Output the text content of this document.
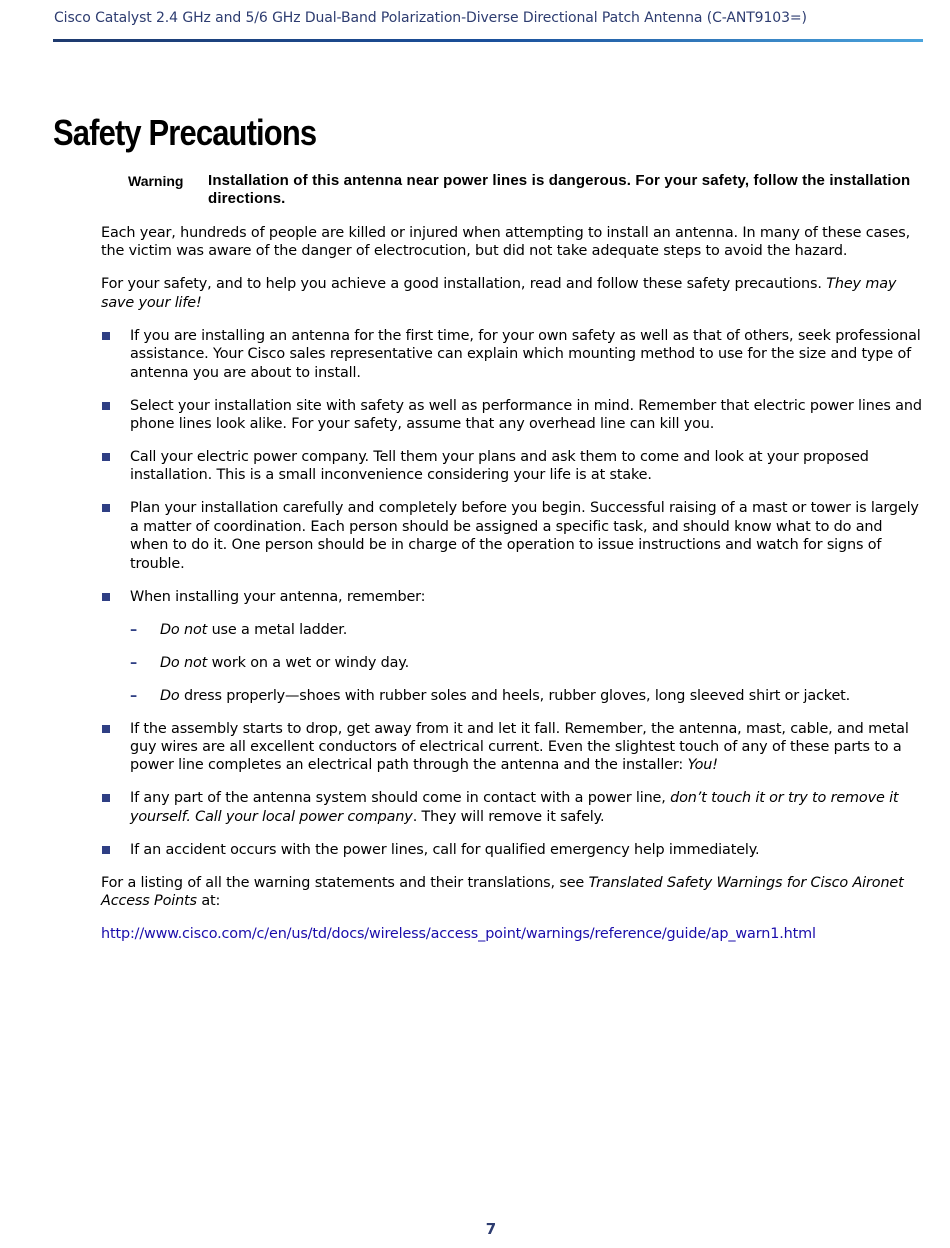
Cisco Catalyst 2.4 GHz and 5/6 GHz Dual-Band Polarization-Diverse Directional Patch Antenna (C-ANT9103=)
Safety Precautions
Warning Installation of this antenna near power lines is dangerous. For your safety, follow the installation directions.

Each year, hundreds of people are killed or injured when attempting to install an antenna. In many of these cases, the victim was aware of the danger of electrocution, but did not take adequate steps to avoid the hazard.

For your safety, and to help you achieve a good installation, read and follow these safety precautions. They may save your life!

If you are installing an antenna for the first time, for your own safety as well as that of others, seek professional assistance. Your Cisco sales representative can explain which mounting method to use for the size and type of antenna you are about to install.
Select your installation site with safety as well as performance in mind. Remember that electric power lines and phone lines look alike. For your safety, assume that any overhead line can kill you.
Call your electric power company. Tell them your plans and ask them to come and look at your proposed installation. This is a small inconvenience considering your life is at stake.
Plan your installation carefully and completely before you begin. Successful raising of a mast or tower is largely a matter of coordination. Each person should be assigned a specific task, and should know what to do and when to do it. One person should be in charge of the operation to issue instructions and watch for signs of trouble.
When installing your antenna, remember:
– Do not use a metal ladder.
– Do not work on a wet or windy day.
– Do dress properly—shoes with rubber soles and heels, rubber gloves, long sleeved shirt or jacket.
If the assembly starts to drop, get away from it and let it fall. Remember, the antenna, mast, cable, and metal guy wires are all excellent conductors of electrical current. Even the slightest touch of any of these parts to a power line completes an electrical path through the antenna and the installer: You!
If any part of the antenna system should come in contact with a power line, don’t touch it or try to remove it yourself. Call your local power company. They will remove it safely.
If an accident occurs with the power lines, call for qualified emergency help immediately.

For a listing of all the warning statements and their translations, see Translated Safety Warnings for Cisco Aironet Access Points at:

http://www.cisco.com/c/en/us/td/docs/wireless/access_point/warnings/reference/guide/ap_warn1.html

7
